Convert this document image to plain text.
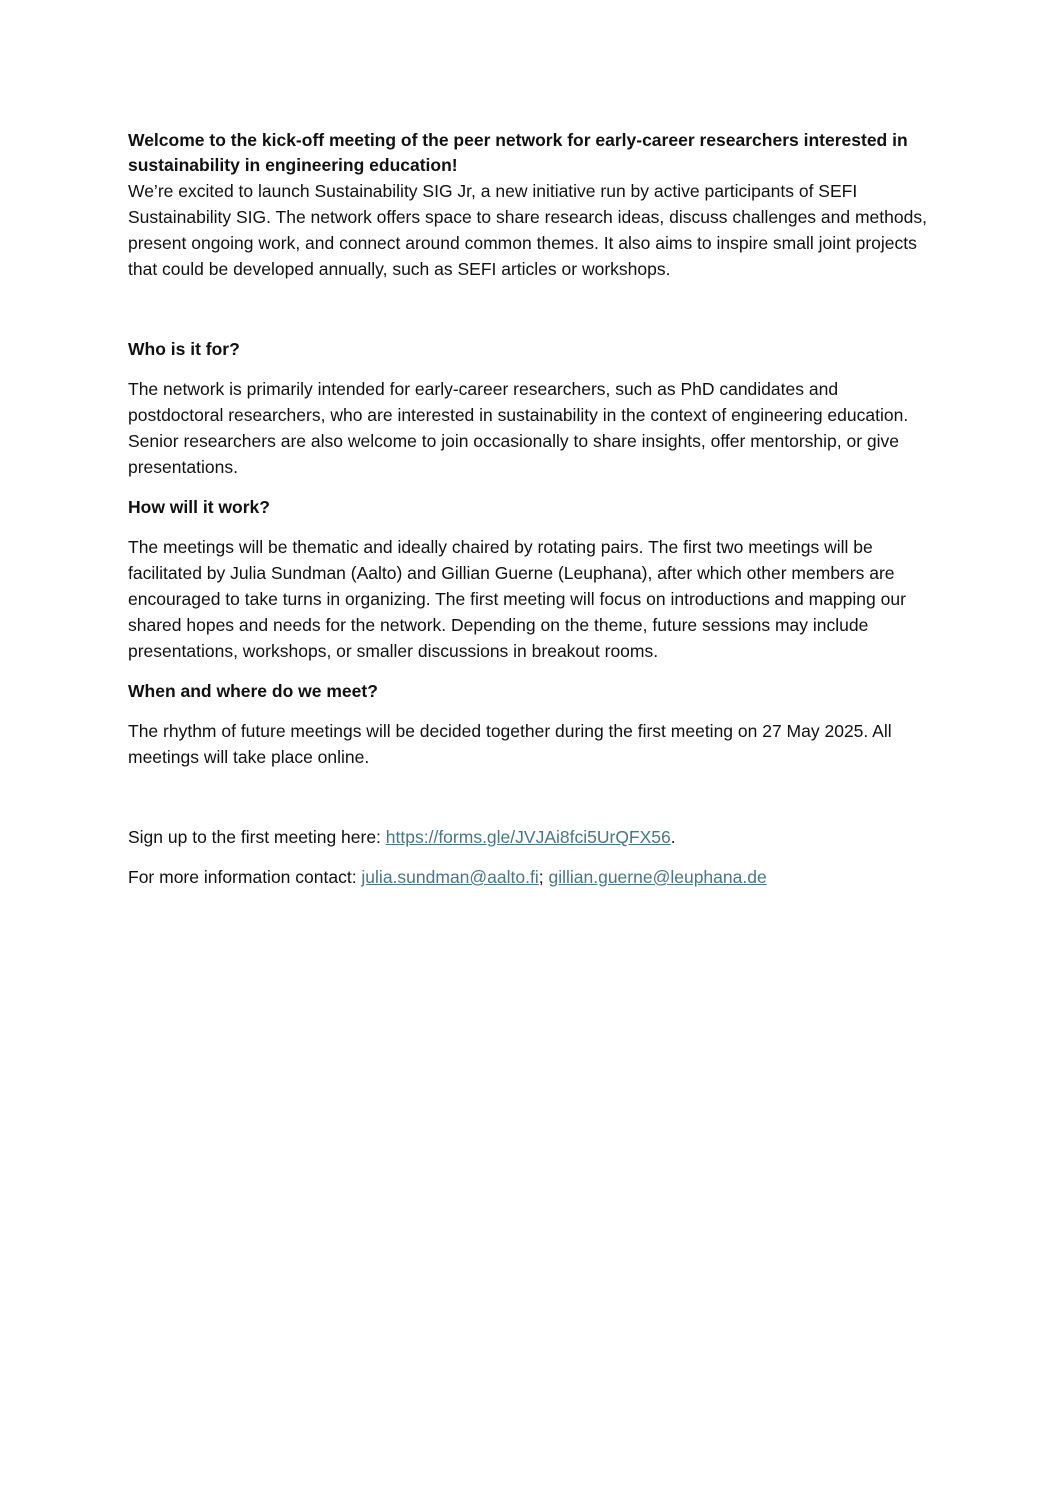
Welcome to the kick-off meeting of the peer network for early-career researchers interested in sustainability in engineering education!

We’re excited to launch Sustainability SIG Jr, a new initiative run by active participants of SEFI Sustainability SIG. The network offers space to share research ideas, discuss challenges and methods, present ongoing work, and connect around common themes. It also aims to inspire small joint projects that could be developed annually, such as SEFI articles or workshops.

Who is it for?

The network is primarily intended for early-career researchers, such as PhD candidates and postdoctoral researchers, who are interested in sustainability in the context of engineering education. Senior researchers are also welcome to join occasionally to share insights, offer mentorship, or give presentations.

How will it work?

The meetings will be thematic and ideally chaired by rotating pairs. The first two meetings will be facilitated by Julia Sundman (Aalto) and Gillian Guerne (Leuphana), after which other members are encouraged to take turns in organizing. The first meeting will focus on introductions and mapping our shared hopes and needs for the network. Depending on the theme, future sessions may include presentations, workshops, or smaller discussions in breakout rooms.

When and where do we meet?

The rhythm of future meetings will be decided together during the first meeting on 27 May 2025. All meetings will take place online.

Sign up to the first meeting here: https://forms.gle/JVJAi8fci5UrQFX56.

For more information contact: julia.sundman@aalto.fi; gillian.guerne@leuphana.de
